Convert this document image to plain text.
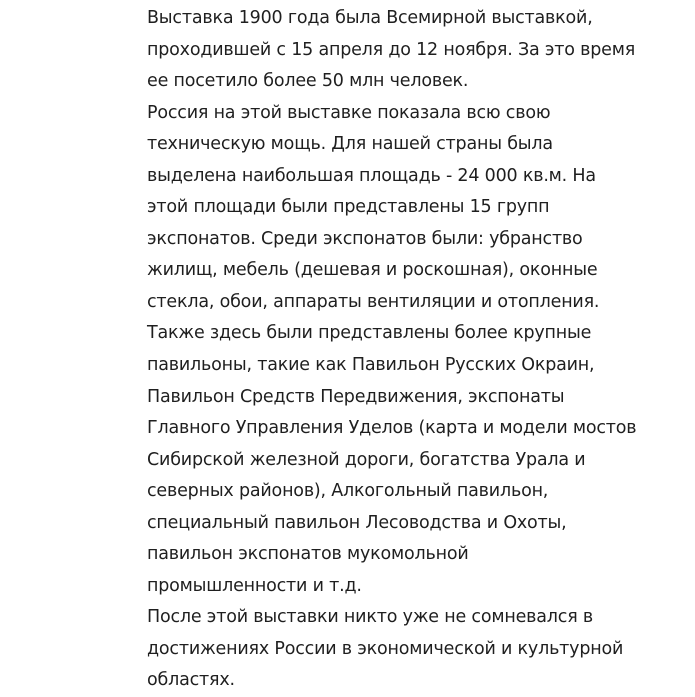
Выставка 1900 года была Всемирной выставкой,
проходившей с 15 апреля до 12 ноября. За это время
ее посетило более 50 млн человек.

Россия на этой выставке показала всю свою
техническую мощь. Для нашей страны была
выделена наибольшая площадь - 24 000 кв.м. На
этой площади были представлены 15 групп
экспонатов. Среди экспонатов были: убранство
жилищ, мебель (дешевая и роскошная), оконные
стекла, обои, аппараты вентиляции и отопления.

Также здесь были представлены более крупные
павильоны, такие как Павильон Русских Окраин,
Павильон Средств Передвижения, экспонаты
Главного Управления Уделов (карта и модели мостов
Сибирской железной дороги, богатства Урала и
северных районов), Алкогольный павильон,
специальный павильон Лесоводства и Охоты,
павильон экспонатов мукомольной
промышленности и т.д.

После этой выставки никто уже не сомневался в
достижениях России в экономической и культурной
областях.
